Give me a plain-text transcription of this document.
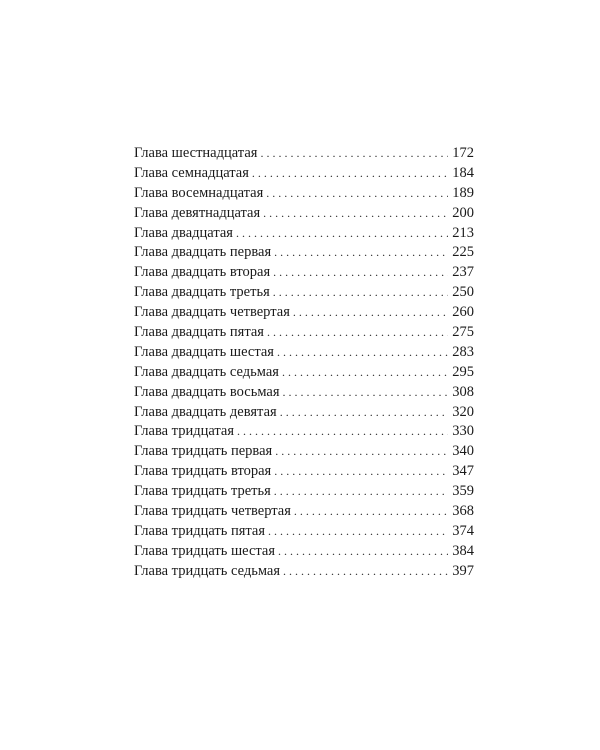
Глава шестнадцатая . . .	172
Глава семнадцатая . . .	184
Глава восемнадцатая . . .	189
Глава девятнадцатая . . .	200
Глава двадцатая . . .	213
Глава двадцать первая . . .	225
Глава двадцать вторая . . .	237
Глава двадцать третья . . .	250
Глава двадцать четвертая . . .	260
Глава двадцать пятая . . .	275
Глава двадцать шестая . . .	283
Глава двадцать седьмая . . .	295
Глава двадцать восьмая . . .	308
Глава двадцать девятая . . .	320
Глава тридцатая . . .	330
Глава тридцать первая . . .	340
Глава тридцать вторая . . .	347
Глава тридцать третья . . .	359
Глава тридцать четвертая . . .	368
Глава тридцать пятая . . .	374
Глава тридцать шестая . . .	384
Глава тридцать седьмая . . .	397
